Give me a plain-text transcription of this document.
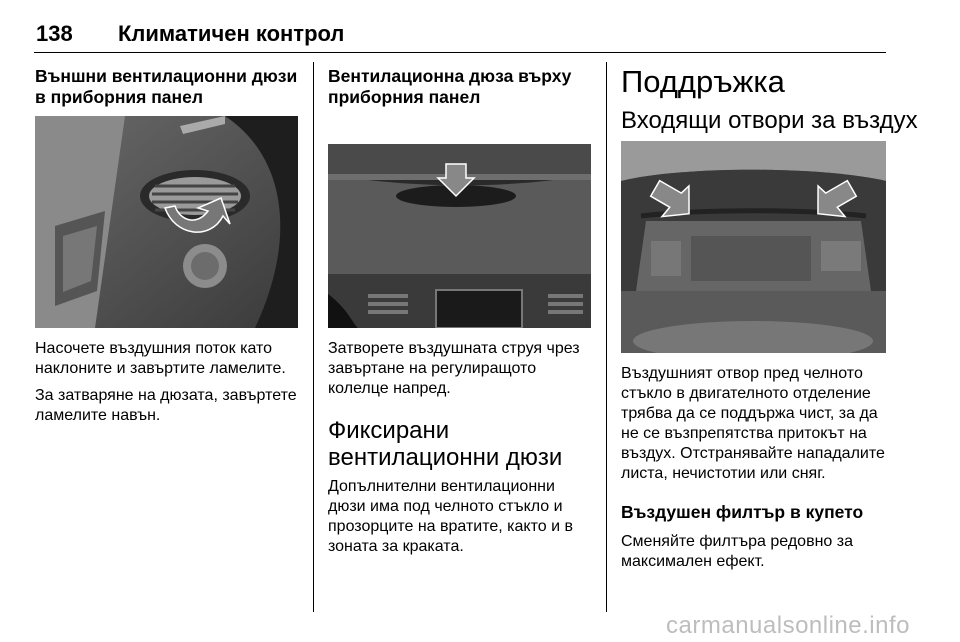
138 Климатичен контрол
Външни вентилационни дюзи в приборния панел

Насочете въздушния поток като наклоните и завъртите ламелите.

За затваряне на дюзата, завъртете ламелите навън.

Вентилационна дюза върху приборния панел

Затворете въздушната струя чрез завъртане на регулиращото колелце напред.

Фиксирани вентилационни дюзи

Допълнителни вентилационни дюзи има под челното стъкло и прозорците на вратите, както и в зоната за краката.

Поддръжка
Входящи отвори за въздух

Въздушният отвор пред челното стъкло в двигателното отделение трябва да се поддържа чист, за да не се възпрепятства притокът на въздух. Отстранявайте нападалите листа, нечистотии или сняг.

Въздушен филтър в купето

Сменяйте филтъра редовно за максимален ефект.

carmanualsonline.info
